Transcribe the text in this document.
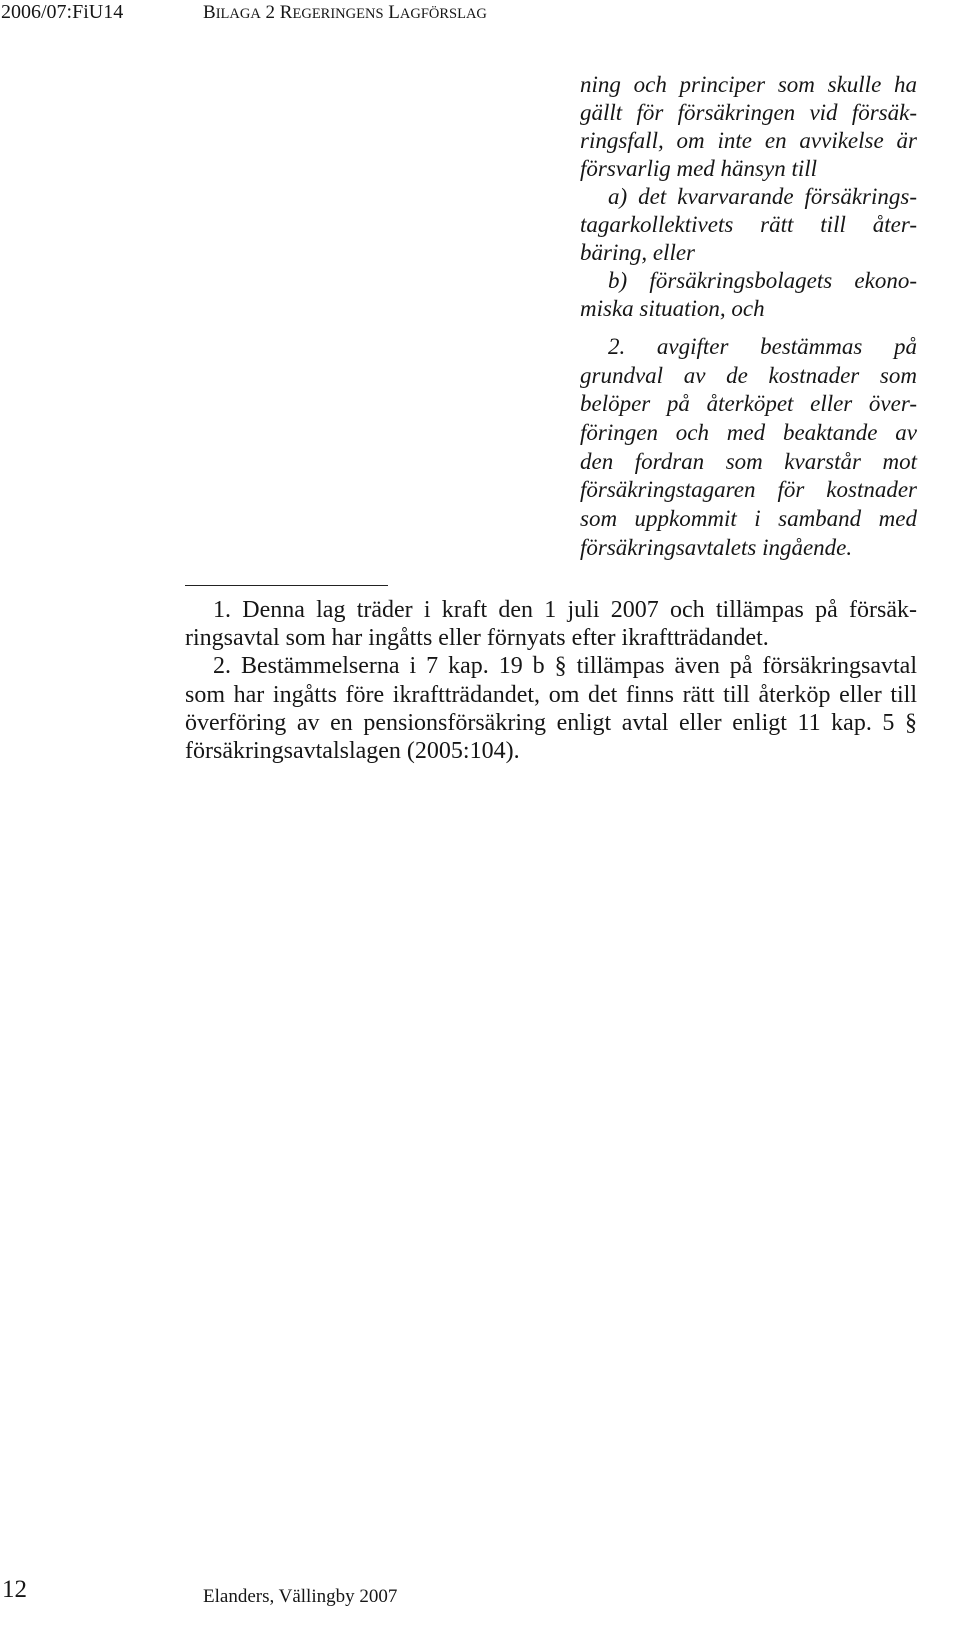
2006/07:FiU14	BILAGA 2 REGERINGENS LAGFÖRSLAG
ning och principer som skulle ha
gällt för försäkringen vid försäk-
ringsfall, om inte en avvikelse är
försvarlig med hänsyn till
a) det kvarvarande försäkrings-
tagarkollektivets rätt till åter-
bäring, eller
b) försäkringsbolagets ekono-
miska situation, och
2. avgifter bestämmas på
grundval av de kostnader som
belöper på återköpet eller över-
föringen och med beaktande av
den fordran som kvarstår mot
försäkringstagaren för kostnader
som uppkommit i samband med
försäkringsavtalets ingående.
1. Denna lag träder i kraft den 1 juli 2007 och tillämpas på försäk-
ringsavtal som har ingåtts eller förnyats efter ikraftträdandet.
2. Bestämmelserna i 7 kap. 19 b § tillämpas även på försäkringsavtal
som har ingåtts före ikraftträdandet, om det finns rätt till återköp eller till
överföring av en pensionsförsäkring enligt avtal eller enligt 11 kap. 5 §
försäkringsavtalslagen (2005:104).
12	Elanders, Vällingby 2007
